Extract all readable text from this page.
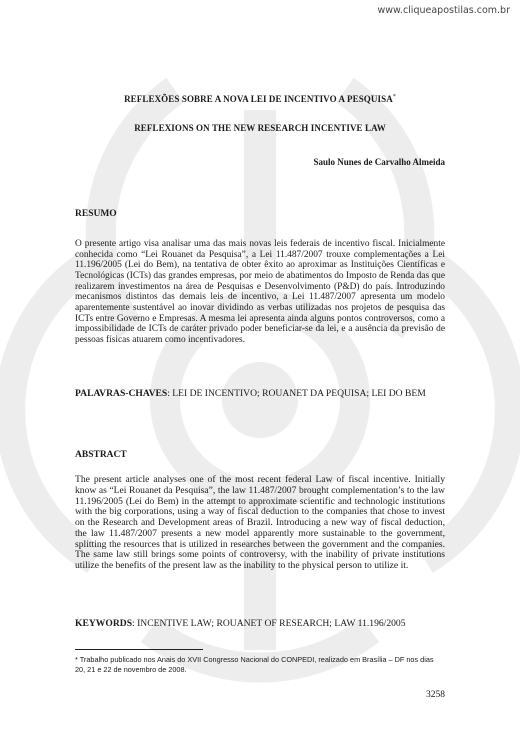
www.cliqueapostilas.com.br
REFLEXÕES SOBRE A NOVA LEI DE INCENTIVO A PESQUISA*
REFLEXIONS ON THE NEW RESEARCH INCENTIVE LAW
Saulo Nunes de Carvalho Almeida
RESUMO

O presente artigo visa analisar uma das mais novas leis federais de incentivo fiscal. Inicialmente conhecida como “Lei Rouanet da Pesquisa”, a Lei 11.487/2007 trouxe complementações a Lei 11.196/2005 (Lei do Bem), na tentativa de obter êxito ao aproximar as Instituições Científicas e Tecnológicas (ICTs) das grandes empresas, por meio de abatimentos do Imposto de Renda das que realizarem investimentos na área de Pesquisas e Desenvolvimento (P&D) do país. Introduzindo mecanismos distintos das demais leis de incentivo, a Lei 11.487/2007 apresenta um modelo aparentemente sustentável ao inovar dividindo as verbas utilizadas nos projetos de pesquisa das ICTs entre Governo e Empresas. A mesma lei apresenta ainda alguns pontos controversos, como a impossibilidade de ICTs de caráter privado poder beneficiar-se da lei, e a ausência da previsão de pessoas físicas atuarem como incentivadores.

PALAVRAS-CHAVES: LEI DE INCENTIVO; ROUANET DA PEQUISA; LEI DO BEM

ABSTRACT

The present article analyses one of the most recent federal Law of fiscal incentive. Initially know as “Lei Rouanet da Pesquisa”, the law 11.487/2007 brought complementation’s to the law 11.196/2005 (Lei do Bem) in the attempt to approximate scientific and technologic institutions with the big corporations, using a way of fiscal deduction to the companies that chose to invest on the Research and Development areas of Brazil. Introducing a new way of fiscal deduction, the law 11.487/2007 presents a new model apparently more sustainable to the government, splitting the resources that is utilized in researches between the government and the companies. The same law still brings some points of controversy, with the inability of private institutions utilize the benefits of the present law as the inability to the physical person to utilize it.

KEYWORDS: INCENTIVE LAW; ROUANET OF RESEARCH; LAW 11.196/2005

* Trabalho publicado nos Anais do XVII Congresso Nacional do CONPEDI, realizado em Brasília – DF nos dias 20, 21 e 22 de novembro de 2008.

3258
